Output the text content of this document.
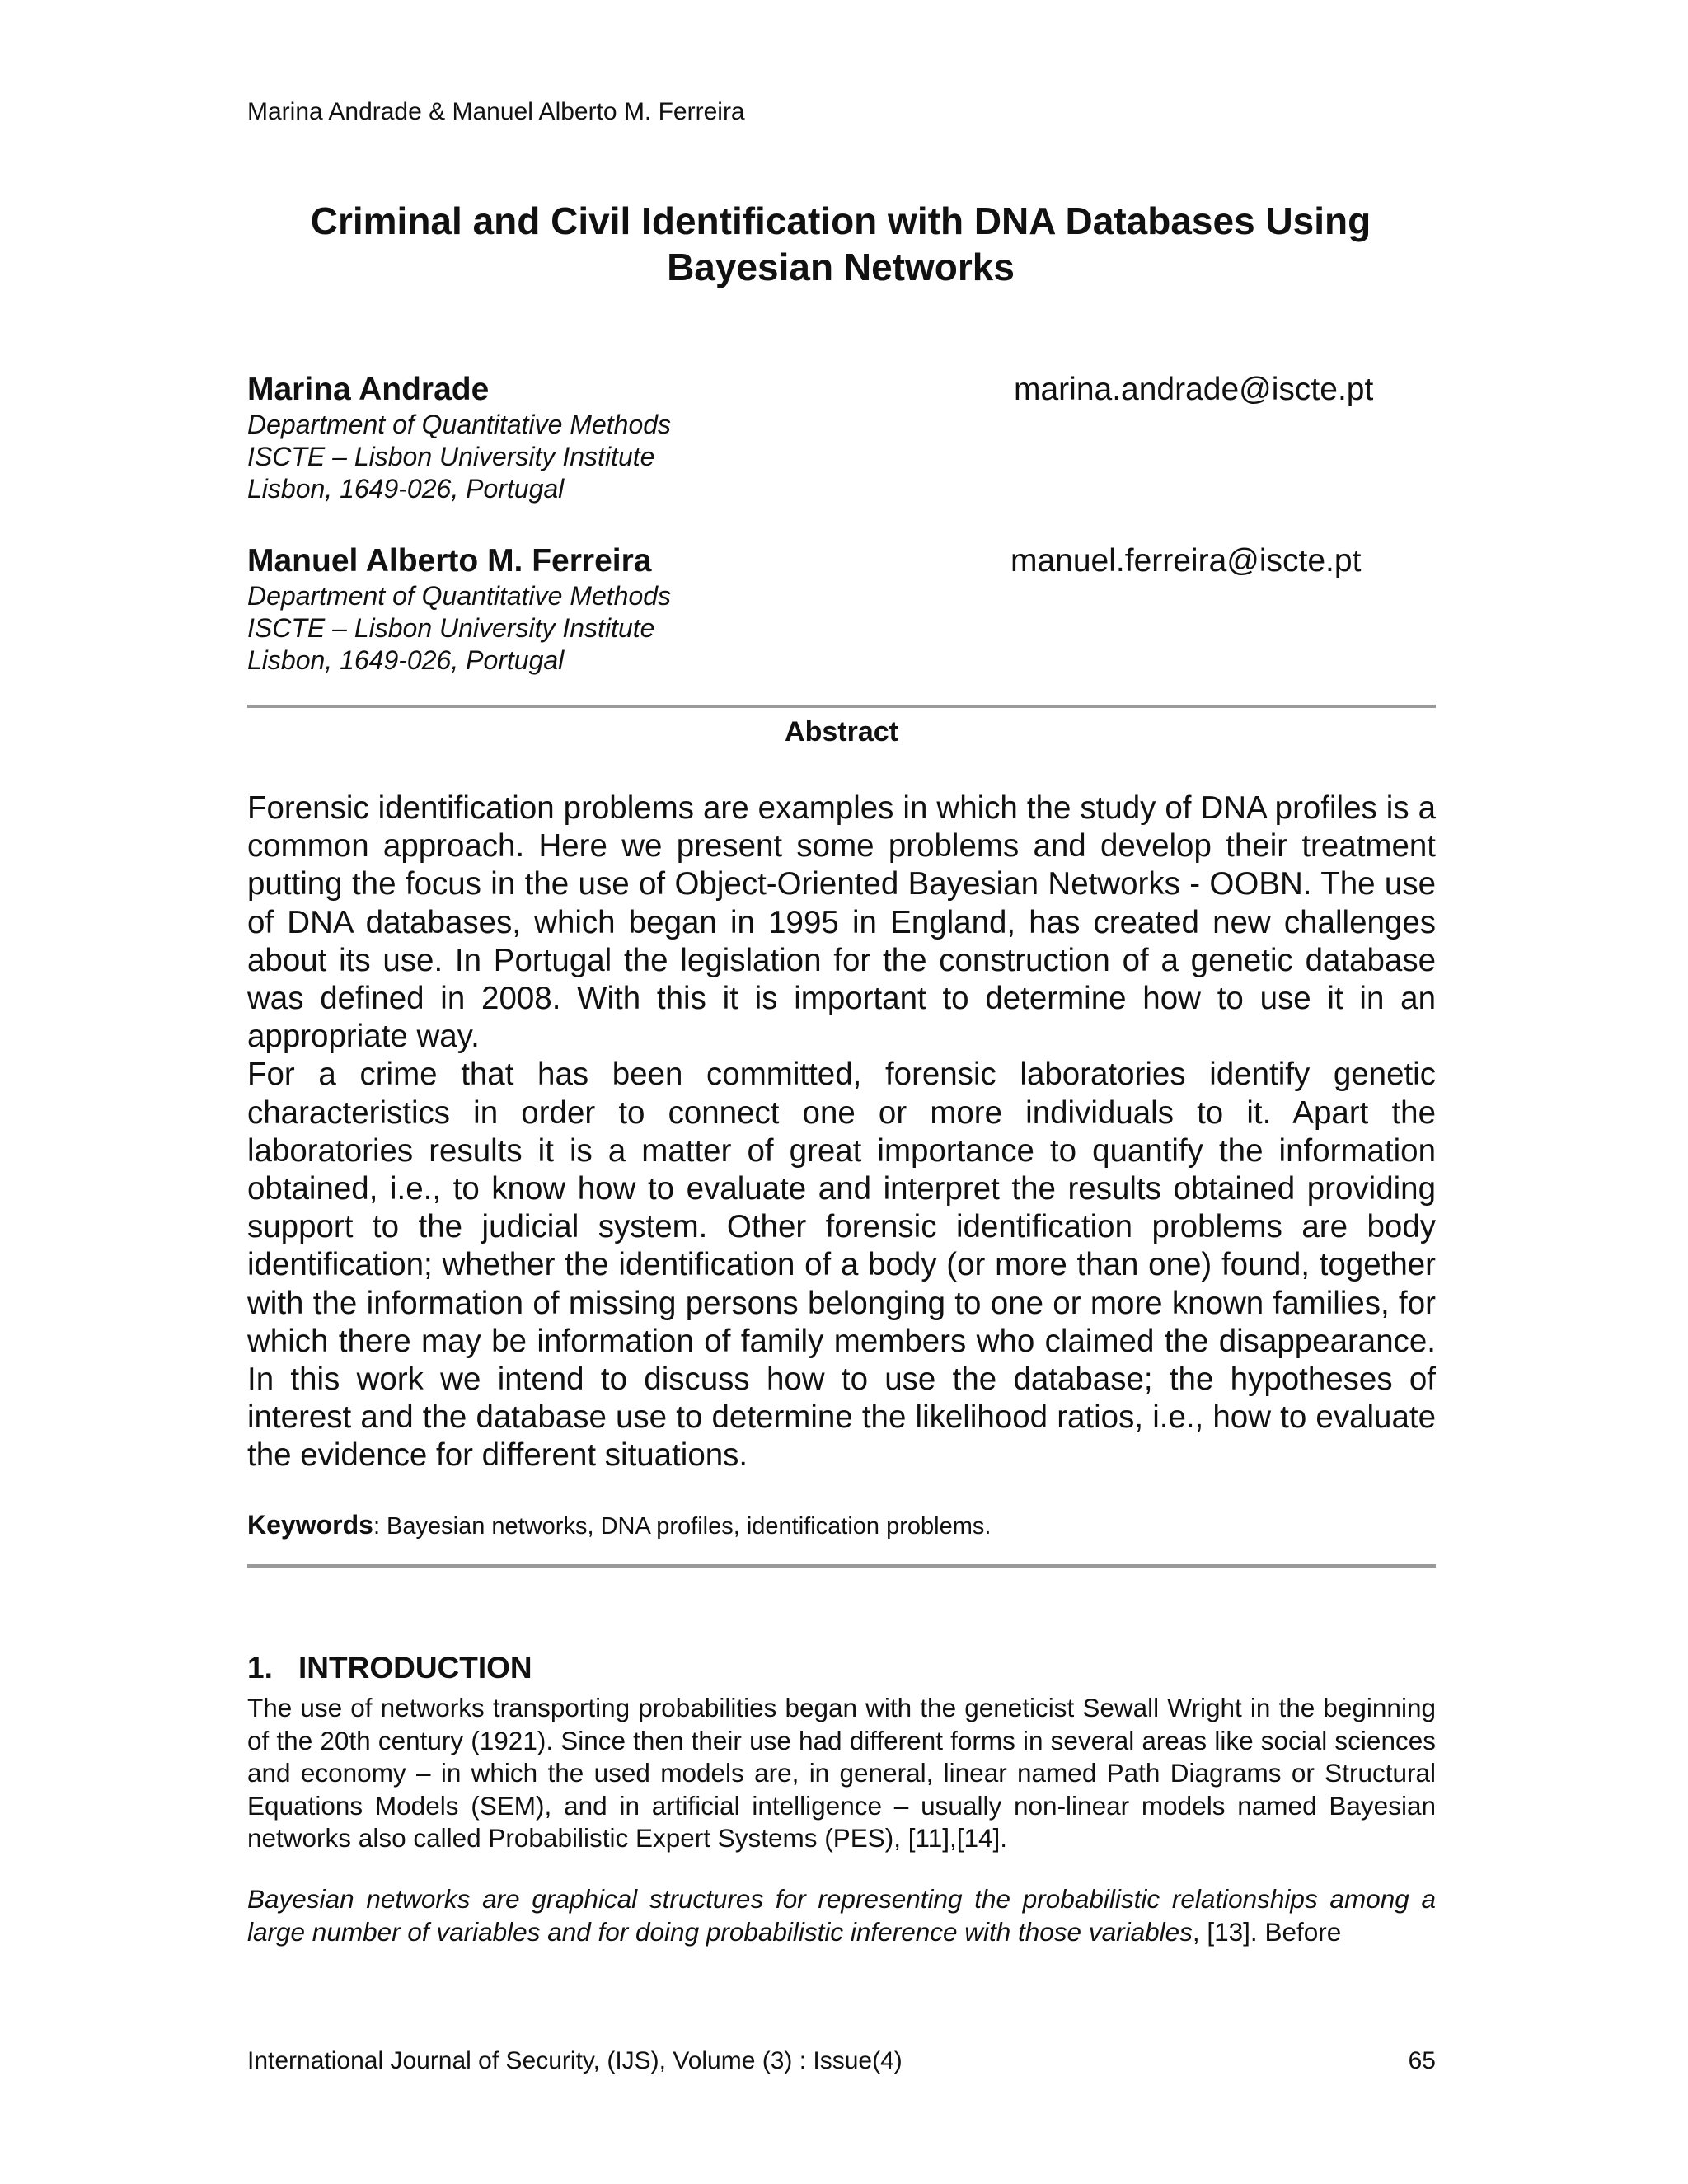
Marina Andrade & Manuel Alberto M. Ferreira
Criminal and Civil Identification with DNA Databases Using
Bayesian Networks
Marina Andrade	marina.andrade@iscte.pt
Department of Quantitative Methods
ISCTE – Lisbon University Institute
Lisbon, 1649-026, Portugal
Manuel Alberto M. Ferreira	manuel.ferreira@iscte.pt
Department of Quantitative Methods
ISCTE – Lisbon University Institute
Lisbon, 1649-026, Portugal
Abstract

Forensic identification problems are examples in which the study of DNA profiles is a common approach. Here we present some problems and develop their treatment putting the focus in the use of Object-Oriented Bayesian Networks - OOBN. The use of DNA databases, which began in 1995 in England, has created new challenges about its use. In Portugal the legislation for the construction of a genetic database was defined in 2008. With this it is important to determine how to use it in an appropriate way.

For a crime that has been committed, forensic laboratories identify genetic characteristics in order to connect one or more individuals to it. Apart the laboratories results it is a matter of great importance to quantify the information obtained, i.e., to know how to evaluate and interpret the results obtained providing support to the judicial system. Other forensic identification problems are body identification; whether the identification of a body (or more than one) found, together with the information of missing persons belonging to one or more known families, for which there may be information of family members who claimed the disappearance. In this work we intend to discuss how to use the database; the hypotheses of interest and the database use to determine the likelihood ratios, i.e., how to evaluate the evidence for different situations.

Keywords: Bayesian networks, DNA profiles, identification problems.
1. INTRODUCTION

The use of networks transporting probabilities began with the geneticist Sewall Wright in the beginning of the 20th century (1921). Since then their use had different forms in several areas like social sciences and economy – in which the used models are, in general, linear named Path Diagrams or Structural Equations Models (SEM), and in artificial intelligence – usually non-linear models named Bayesian networks also called Probabilistic Expert Systems (PES), [11],[14].

Bayesian networks are graphical structures for representing the probabilistic relationships among a large number of variables and for doing probabilistic inference with those variables, [13]. Before

International Journal of Security, (IJS), Volume (3) : Issue(4)	65
